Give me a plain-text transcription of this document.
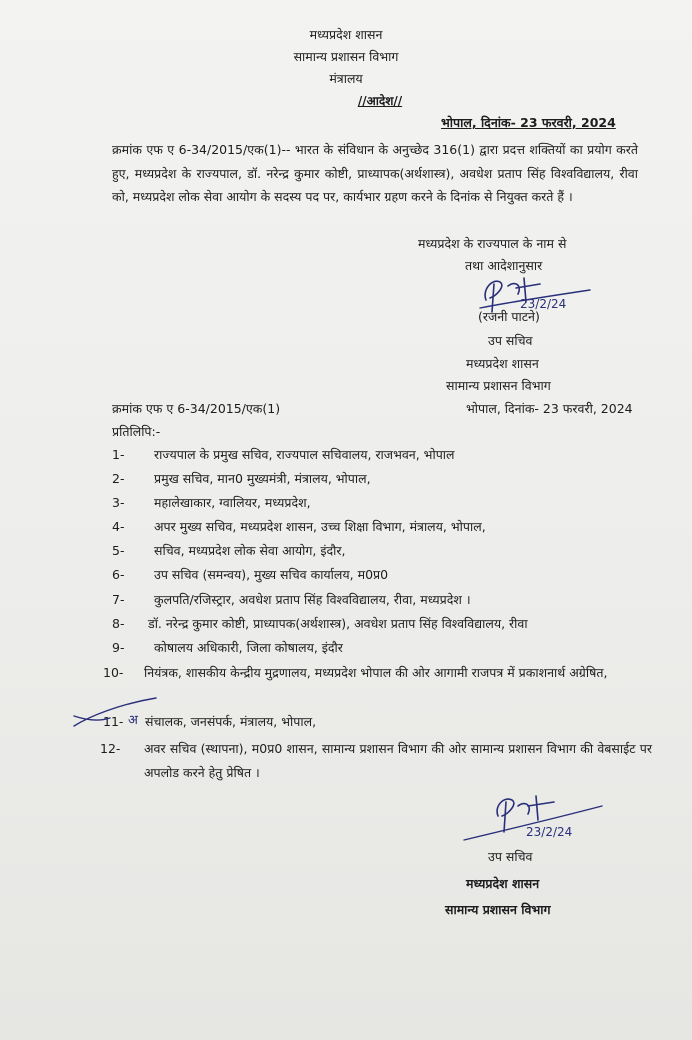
मध्यप्रदेश शासन
सामान्य प्रशासन विभाग
मंत्रालय
//आदेश//
भोपाल, दिनांक- 23 फरवरी, 2024
क्रमांक एफ ए 6-34/2015/एक(1)-- भारत के संविधान के अनुच्छेद 316(1) द्वारा प्रदत्त शक्तियों का प्रयोग करते हुए, मध्यप्रदेश के राज्यपाल, डॉ. नरेन्द्र कुमार कोष्टी, प्राध्यापक(अर्थशास्त्र), अवधेश प्रताप सिंह विश्वविद्यालय, रीवा को, मध्यप्रदेश लोक सेवा आयोग के सदस्य पद पर, कार्यभार ग्रहण करने के दिनांक से नियुक्त करते हैं ।
मध्यप्रदेश के राज्यपाल के नाम से
तथा आदेशानुसार
23/2/24
(रजनी पाटने)
उप सचिव
मध्यप्रदेश शासन
सामान्य प्रशासन विभाग
क्रमांक एफ ए 6-34/2015/एक(1)	भोपाल, दिनांक- 23 फरवरी, 2024
प्रतिलिपि:-
1- राज्यपाल के प्रमुख सचिव, राज्यपाल सचिवालय, राजभवन, भोपाल
2- प्रमुख सचिव, मान0 मुख्यमंत्री, मंत्रालय, भोपाल,
3- महालेखाकार, ग्वालियर, मध्यप्रदेश,
4- अपर मुख्य सचिव, मध्यप्रदेश शासन, उच्च शिक्षा विभाग, मंत्रालय, भोपाल,
5- सचिव, मध्यप्रदेश लोक सेवा आयोग, इंदौर,
6- उप सचिव (समन्वय), मुख्य सचिव कार्यालय, म0प्र0
7- कुलपति/रजिस्ट्रार, अवधेश प्रताप सिंह विश्वविद्यालय, रीवा, मध्यप्रदेश ।
8- डॉ. नरेन्द्र कुमार कोष्टी, प्राध्यापक(अर्थशास्त्र), अवधेश प्रताप सिंह विश्वविद्यालय, रीवा
9- कोषालय अधिकारी, जिला कोषालय, इंदौर
10- नियंत्रक, शासकीय केन्द्रीय मुद्रणालय, मध्यप्रदेश भोपाल की ओर आगामी राजपत्र में प्रकाशनार्थ अग्रेषित,
11- अ संचालक, जनसंपर्क, मंत्रालय, भोपाल,
12- अवर सचिव (स्थापना), म0प्र0 शासन, सामान्य प्रशासन विभाग की ओर सामान्य प्रशासन विभाग की वेबसाईट पर अपलोड करने हेतु प्रेषित ।
23/2/24
उप सचिव
मध्यप्रदेश शासन
सामान्य प्रशासन विभाग
